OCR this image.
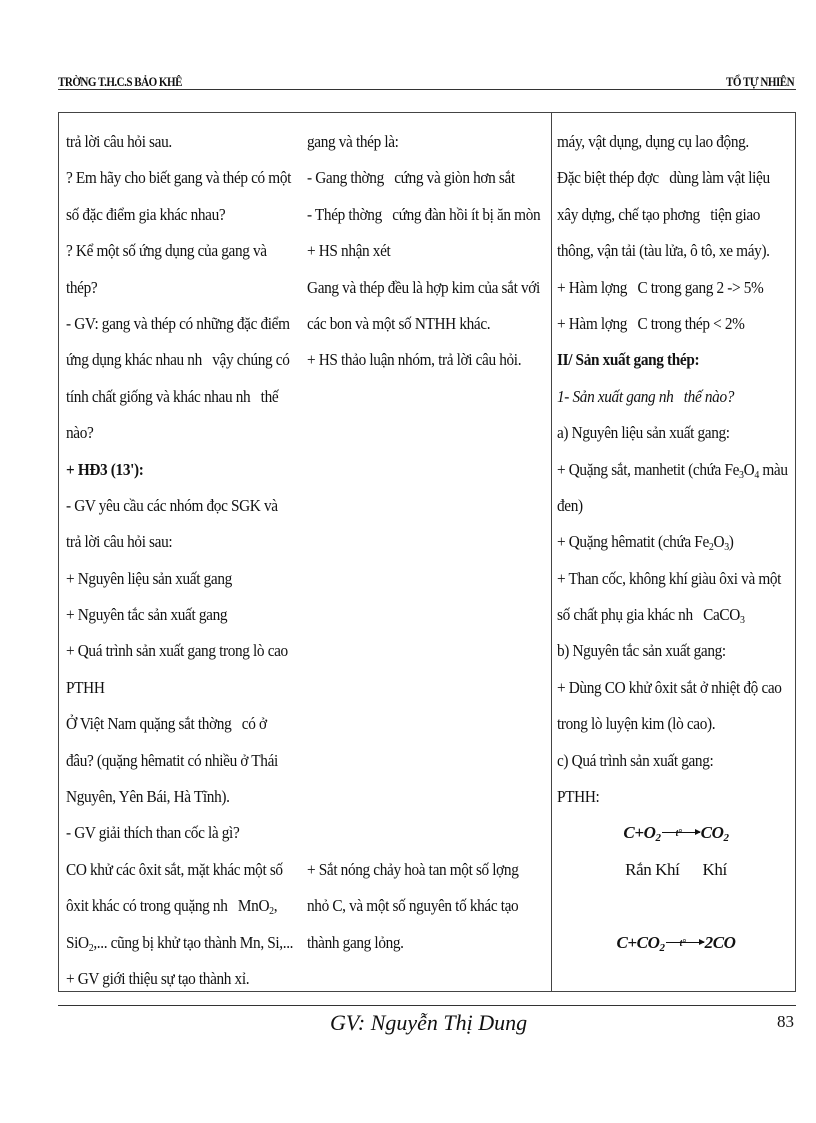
TRỜNG T.H.C.S BẢO KHÊ	TỔ TỰ NHIÊN
trả lời câu hỏi sau.
? Em hãy cho biết gang và thép có một
số đặc điểm gia khác nhau?
? Kể một số ứng dụng của gang và
thép?
- GV: gang và thép có những đặc điểm
ứng dụng khác nhau nh   vậy chúng có
tính chất giống và khác nhau nh   thế
nào?
+ HĐ3 (13'):
- GV yêu cầu các nhóm đọc SGK và
trả lời câu hỏi sau:
+ Nguyên liệu sản xuất gang
+ Nguyên tắc sản xuất gang
+ Quá trình sản xuất gang trong lò cao
PTHH
Ở Việt Nam quặng sắt thờng   có ở
đâu? (quặng hêmatit có nhiều ở Thái
Nguyên, Yên Bái, Hà Tĩnh).
- GV giải thích than cốc là gì?
CO khử các ôxit sắt, mặt khác một số
ôxit khác có trong quặng nh   MnO$_2$,
SiO$_2$,... cũng bị khử tạo thành Mn, Si,...
+ GV giới thiệu sự tạo thành xỉ.
gang và thép là:
- Gang thờng   cứng và giòn hơn sắt
- Thép thờng   cứng đàn hồi ít bị ăn mòn
+ HS nhận xét
Gang và thép đều là hợp kim của sắt với
các bon và một số NTHH khác.
+ HS thảo luận nhóm, trả lời câu hỏi.
+ Sắt nóng chảy hoà tan một số lợng
nhỏ C, và một số nguyên tố khác tạo
thành gang lỏng.
máy, vật dụng, dụng cụ lao động.
Đặc biệt thép đợc   dùng làm vật liệu
xây dựng, chế tạo phơng   tiện giao
thông, vận tải (tàu lửa, ô tô, xe máy).
+ Hàm lợng   C trong gang 2 -> 5%
+ Hàm lợng   C trong thép < 2%
II/ Sản xuất gang thép:
1- Sản xuất gang nh   thế nào?
a) Nguyên liệu sản xuất gang:
+ Quặng sắt, manhetit (chứa $Fe_3O_4$ màu
đen)
+ Quặng hêmatit (chứa $Fe_2O_3$)
+ Than cốc, không khí giàu ôxi và một
số chất phụ gia khác nh   CaCO$_3$
b) Nguyên tắc sản xuất gang:
+ Dùng CO khử ôxit sắt ở nhiệt độ cao
trong lò luyện kim (lò cao).
c) Quá trình sản xuất gang:
PTHH:
$C+O_2$ t° $CO_2$
Rắn Khí      Khí
$C+CO_2$ t° 2CO
GV: Nguyễn Thị Dung	83
